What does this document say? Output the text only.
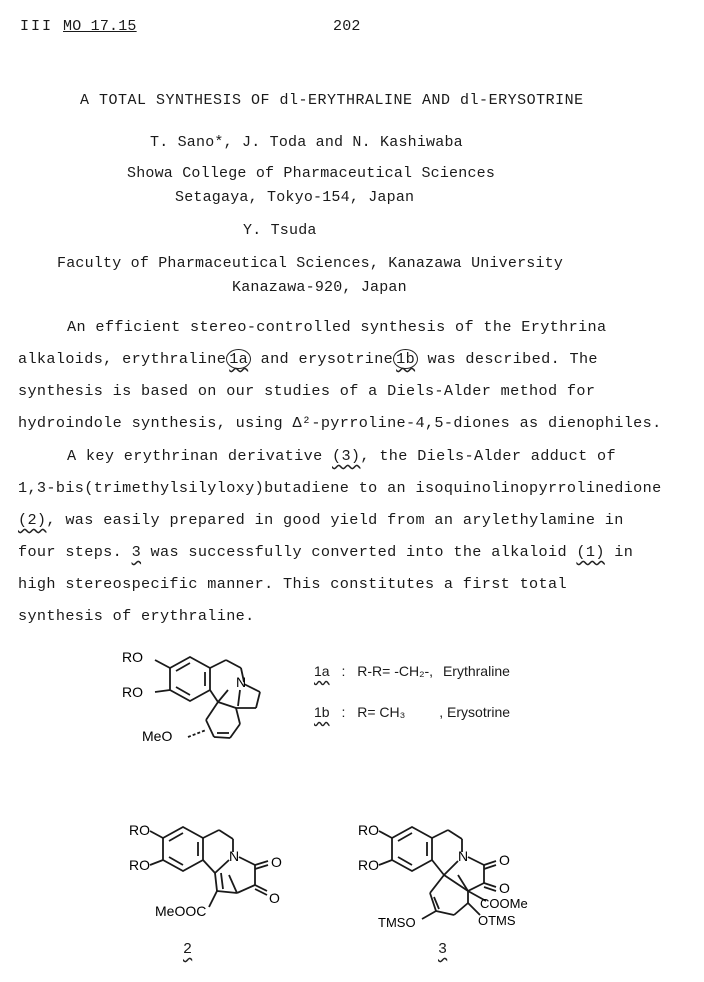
III MO 17.15	202
A TOTAL SYNTHESIS OF dl-ERYTHRALINE AND dl-ERYSOTRINE
T. Sano*, J. Toda and N. Kashiwaba
Showa College of Pharmaceutical Sciences
Setagaya, Tokyo-154, Japan
Y. Tsuda
Faculty of Pharmaceutical Sciences, Kanazawa University
Kanazawa-920, Japan
An efficient stereo-controlled synthesis of the Erythrina
alkaloids, erythraline 1a and erysotrine 1b was described. The
synthesis is based on our studies of a Diels-Alder method for
hydroindole synthesis, using Δ²-pyrroline-4,5-diones as dienophiles.
A key erythrinan derivative (3), the Diels-Alder adduct of
1,3-bis(trimethylsilyloxy)butadiene to an isoquinolinopyrrolinedione
(2), was easily prepared in good yield from an arylethylamine in
four steps. 3 was successfully converted into the alkaloid (1) in
high stereospecific manner. This constitutes a first total
synthesis of erythraline.
RO
RO
N
MeO
1a : R-R= -CH₂-, Erythraline
1b : R= CH₃ , Erysotrine
RO
RO
N O
O
MeOOC
2
RO
RO
N O
O
COOMe
OTMS
TMSO
3
